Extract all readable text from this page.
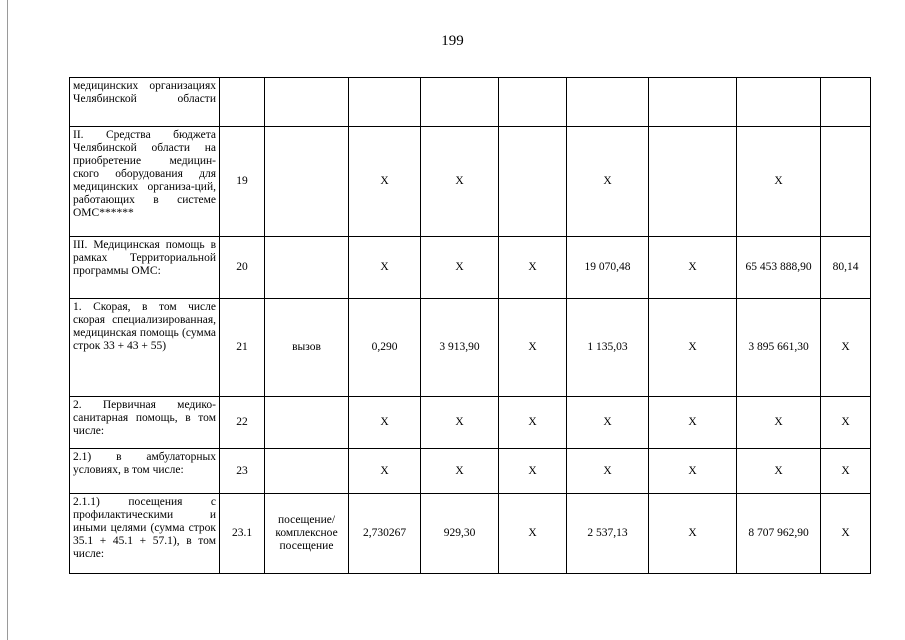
199
медицинских организациях Челябинской области									
II. Средства бюджета Челябинской области на приобретение медицин-ского оборудования для медицинских организа-ций, работающих в системе ОМС******	19		Х	Х		Х		Х	
III. Медицинская помощь в рамках Территориальной программы ОМС:	20		Х	Х	Х	19 070,48	Х	65 453 888,90	80,14
1. Скорая, в том числе скорая специализированная, медицинская помощь (сумма строк 33 + 43 + 55)	21	вызов	0,290	3 913,90	Х	1 135,03	Х	3 895 661,30	Х
2. Первичная медико-санитарная помощь, в том числе:	22		Х	Х	Х	Х	Х	Х	Х
2.1) в амбулаторных условиях, в том числе:	23		Х	Х	Х	Х	Х	Х	Х
2.1.1) посещения с профилактическими и иными целями (сумма строк 35.1 + 45.1 + 57.1), в том числе:	23.1	посещение/ комплексное посещение	2,730267	929,30	Х	2 537,13	Х	8 707 962,90	Х
